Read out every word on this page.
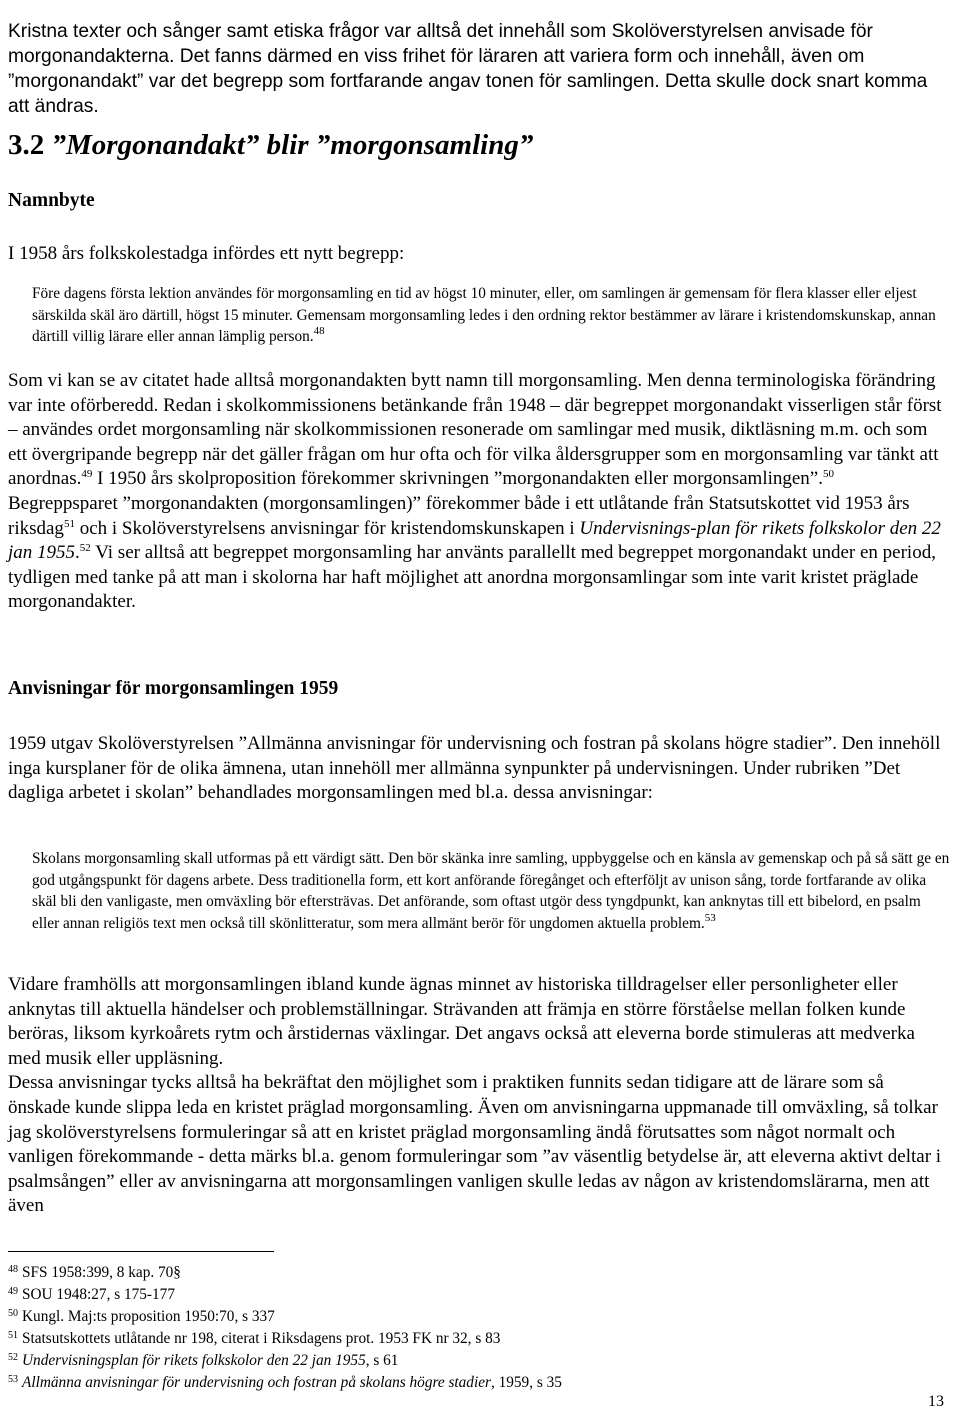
Kristna texter och sånger samt etiska frågor var alltså det innehåll som Skolöverstyrelsen anvisade för morgonandakterna. Det fanns därmed en viss frihet för läraren att variera form och innehåll, även om ”morgonandakt” var det begrepp som fortfarande angav tonen för samlingen. Detta skulle dock snart komma att ändras.

3.2 ”Morgonandakt” blir ”morgonsamling”
Namnbyte

I 1958 års folkskolestadga infördes ett nytt begrepp:

Före dagens första lektion användes för morgonsamling en tid av högst 10 minuter, eller, om samlingen är gemensam för flera klasser eller eljest särskilda skäl äro därtill, högst 15 minuter. Gemensam morgonsamling ledes i den ordning rektor bestämmer av lärare i kristendomskunskap, annan därtill villig lärare eller annan lämplig person.$^{48}$

Som vi kan se av citatet hade alltså morgonandakten bytt namn till morgonsamling. Men denna terminologiska förändring var inte oförberedd. Redan i skolkommissionens betänkande från 1948 – där begreppet morgonandakt visserligen står först – användes ordet morgonsamling när skolkommissionen resonerade om samlingar med musik, diktläsning m.m. och som ett övergripande begrepp när det gäller frågan om hur ofta och för vilka åldersgrupper som en morgonsamling var tänkt att anordnas.$^{49}$ I 1950 års skolproposition förekommer skrivningen ”morgonandakten eller morgonsamlingen”.$^{50}$
Begreppsparet ”morgonandakten (morgonsamlingen)” förekommer både i ett utlåtande från Statsutskottet vid 1953 års riksdag$^{51}$ och i Skolöverstyrelsens anvisningar för kristendomskunskapen i Undervisnings-plan för rikets folkskolor den 22 jan 1955.52 Vi ser alltså att begreppet morgonsamling har använts parallellt med begreppet morgonandakt under en period, tydligen med tanke på att man i skolorna har haft möjlighet att anordna morgonsamlingar som inte varit kristet präglade morgonandakter.
Anvisningar för morgonsamlingen 1959

1959 utgav Skolöverstyrelsen ”Allmänna anvisningar för undervisning och fostran på skolans högre stadier”. Den innehöll inga kursplaner för de olika ämnena, utan innehöll mer allmänna synpunkter på undervisningen. Under rubriken ”Det dagliga arbetet i skolan” behandlades morgonsamlingen med bl.a. dessa anvisningar:

Skolans morgonsamling skall utformas på ett värdigt sätt. Den bör skänka inre samling, uppbyggelse och en känsla av gemenskap och på så sätt ge en god utgångspunkt för dagens arbete. Dess traditionella form, ett kort anförande föregånget och efterföljt av unison sång, torde fortfarande av olika skäl bli den vanligaste, men omväxling bör eftersträvas. Det anförande, som oftast utgör dess tyngdpunkt, kan anknytas till ett bibelord, en psalm eller annan religiös text men också till skönlitteratur, som mera allmänt berör för ungdomen aktuella problem.$^{53}$

Vidare framhölls att morgonsamlingen ibland kunde ägnas minnet av historiska tilldragelser eller personligheter eller anknytas till aktuella händelser och problemställningar. Strävanden att främja en större förståelse mellan folken kunde beröras, liksom kyrkoårets rytm och årstidernas växlingar. Det angavs också att eleverna borde stimuleras att medverka med musik eller uppläsning.
Dessa anvisningar tycks alltså ha bekräftat den möjlighet som i praktiken funnits sedan tidigare att de lärare som så önskade kunde slippa leda en kristet präglad morgonsamling. Även om anvisningarna uppmanade till omväxling, så tolkar jag skolöverstyrelsens formuleringar så att en kristet präglad morgonsamling ändå förutsattes som något normalt och vanligen förekommande - detta märks bl.a. genom formuleringar som ”av väsentlig betydelse är, att eleverna aktivt deltar i psalmsången” eller av anvisningarna att morgonsamlingen vanligen skulle ledas av någon av kristendomslärarna, men att även
$^{48}$ SFS 1958:399, 8 kap. 70§
$^{49}$ SOU 1948:27, s 175-177
$^{50}$ Kungl. Maj:ts proposition 1950:70, s 337
$^{51}$ Statsutskottets utlåtande nr 198, citerat i Riksdagens prot. 1953 FK nr 32, s 83
$^{52}$ Undervisningsplan för rikets folkskolor den 22 jan 1955, s 61
$^{53}$ Allmänna anvisningar för undervisning och fostran på skolans högre stadier, 1959, s 35
13
